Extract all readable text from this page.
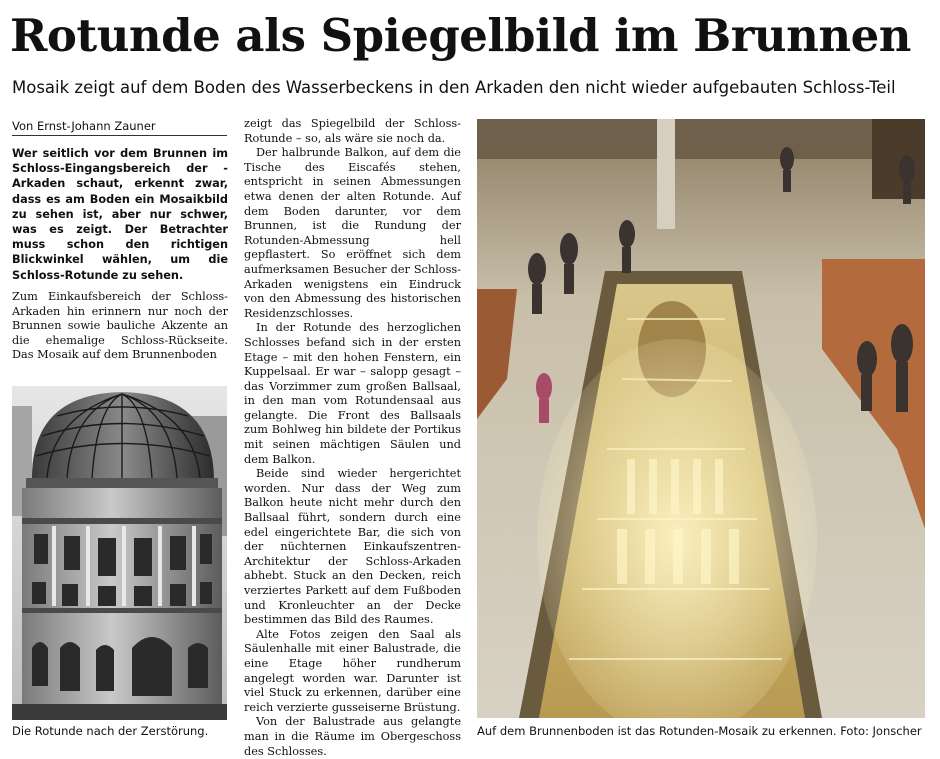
Rotunde als Spiegelbild im Brunnen
Mosaik zeigt auf dem Boden des Wasserbeckens in den Arkaden den nicht wieder aufgebauten Schloss-Teil
Von Ernst-Johann Zauner
Wer seitlich vor dem Brunnen im Schloss-Eingangsbereich der -Arkaden schaut, erkennt zwar, dass es am Boden ein Mosaikbild zu sehen ist, aber nur schwer, was es zeigt. Der Betrachter muss schon den richtigen Blickwinkel wählen, um die Schloss-Rotunde zu sehen.
Zum Einkaufsbereich der Schloss-Arkaden hin erinnern nur noch der Brunnen sowie bauliche Akzente an die ehemalige Schloss-Rückseite. Das Mosaik auf dem Brunnenboden

zeigt das Spiegelbild der Schloss-Rotunde – so, als wäre sie noch da.

Der halbrunde Balkon, auf dem die Tische des Eiscafés stehen, entspricht in seinen Abmessungen etwa denen der alten Rotunde. Auf dem Boden darunter, vor dem Brunnen, ist die Rundung der Rotunden-Abmessung hell gepflastert. So eröffnet sich dem aufmerksamen Besucher der Schloss-Arkaden wenigstens ein Eindruck von den Abmessung des historischen Residenzschlosses.

In der Rotunde des herzoglichen Schlosses befand sich in der ersten Etage – mit den hohen Fenstern, ein Kuppelsaal. Er war – salopp gesagt – das Vorzimmer zum großen Ballsaal, in den man vom Rotundensaal aus gelangte. Die Front des Ballsaals zum Bohlweg hin bildete der Portikus mit seinen mächtigen Säulen und dem Balkon.

Beide sind wieder hergerichtet worden. Nur dass der Weg zum Balkon heute nicht mehr durch den Ballsaal führt, sondern durch eine edel eingerichtete Bar, die sich von der nüchternen Einkaufszentren-Architektur der Schloss-Arkaden abhebt. Stuck an den Decken, reich verziertes Parkett auf dem Fußboden und Kronleuchter an der Decke bestimmen das Bild des Raumes.

Alte Fotos zeigen den Saal als Säulenhalle mit einer Balustrade, die eine Etage höher rundherum angelegt worden war. Darunter ist viel Stuck zu erkennen, darüber eine reich verzierte gusseiserne Brüstung.

Von der Balustrade aus gelangte man in die Räume im Obergeschoss des Schlosses.

Die Rotunde nach der Zerstörung.	Auf dem Brunnenboden ist das Rotunden-Mosaik zu erkennen. Foto: Jonscher
